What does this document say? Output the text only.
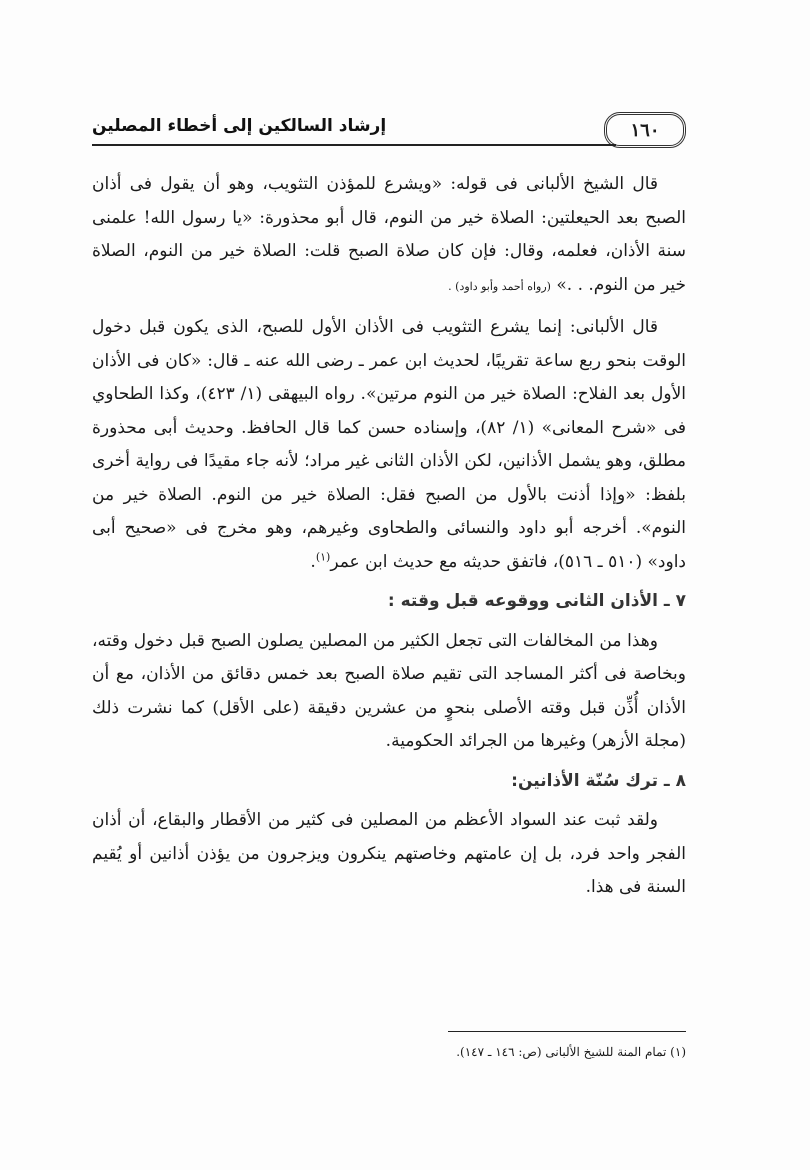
١٦٠
إرشاد السالكين إلى أخطاء المصلين

قال الشيخ الألبانى فى قوله: «ويشرع للمؤذن التثويب، وهو أن يقول فى أذان الصبح بعد الحيعلتين: الصلاة خير من النوم، قال أبو محذورة: «يا رسول الله! علمنى سنة الأذان، فعلمه، وقال: فإن كان صلاة الصبح قلت: الصلاة خير من النوم، الصلاة خير من النوم. . .» (رواه أحمد وأبو داود) .

قال الألبانى: إنما يشرع التثويب فى الأذان الأول للصبح، الذى يكون قبل دخول الوقت بنحو ربع ساعة تقريبًا، لحديث ابن عمر ـ رضى الله عنه ـ قال: «كان فى الأذان الأول بعد الفلاح: الصلاة خير من النوم مرتين». رواه البيهقى (١/ ٤٢٣)، وكذا الطحاوي فى «شرح المعانى» (١/ ٨٢)، وإسناده حسن كما قال الحافظ. وحديث أبى محذورة مطلق، وهو يشمل الأذانين، لكن الأذان الثانى غير مراد؛ لأنه جاء مقيدًا فى رواية أخرى بلفظ: «وإذا أذنت بالأول من الصبح فقل: الصلاة خير من النوم. الصلاة خير من النوم». أخرجه أبو داود والنسائى والطحاوى وغيرهم، وهو مخرج فى «صحيح أبى داود» (٥١٠ ـ ٥١٦)، فاتفق حديثه مع حديث ابن عمر$^{(١)}$.

٧ ـ الأذان الثانى ووقوعه قبل وقته :

وهذا من المخالفات التى تجعل الكثير من المصلين يصلون الصبح قبل دخول وقته، وبخاصة فى أكثر المساجد التى تقيم صلاة الصبح بعد خمس دقائق من الأذان، مع أن الأذان أُذِّن قبل وقته الأصلى بنحوٍ من عشرين دقيقة (على الأقل) كما نشرت ذلك (مجلة الأزهر) وغيرها من الجرائد الحكومية.

٨ ـ ترك سُنّة الأذانين:

ولقد ثبت عند السواد الأعظم من المصلين فى كثير من الأقطار والبقاع، أن أذان الفجر واحد فرد، بل إن عامتهم وخاصتهم ينكرون ويزجرون من يؤذن أذانين أو يُقيم السنة فى هذا.

(١) تمام المنة للشيخ الألبانى (ص: ١٤٦ ـ ١٤٧).
